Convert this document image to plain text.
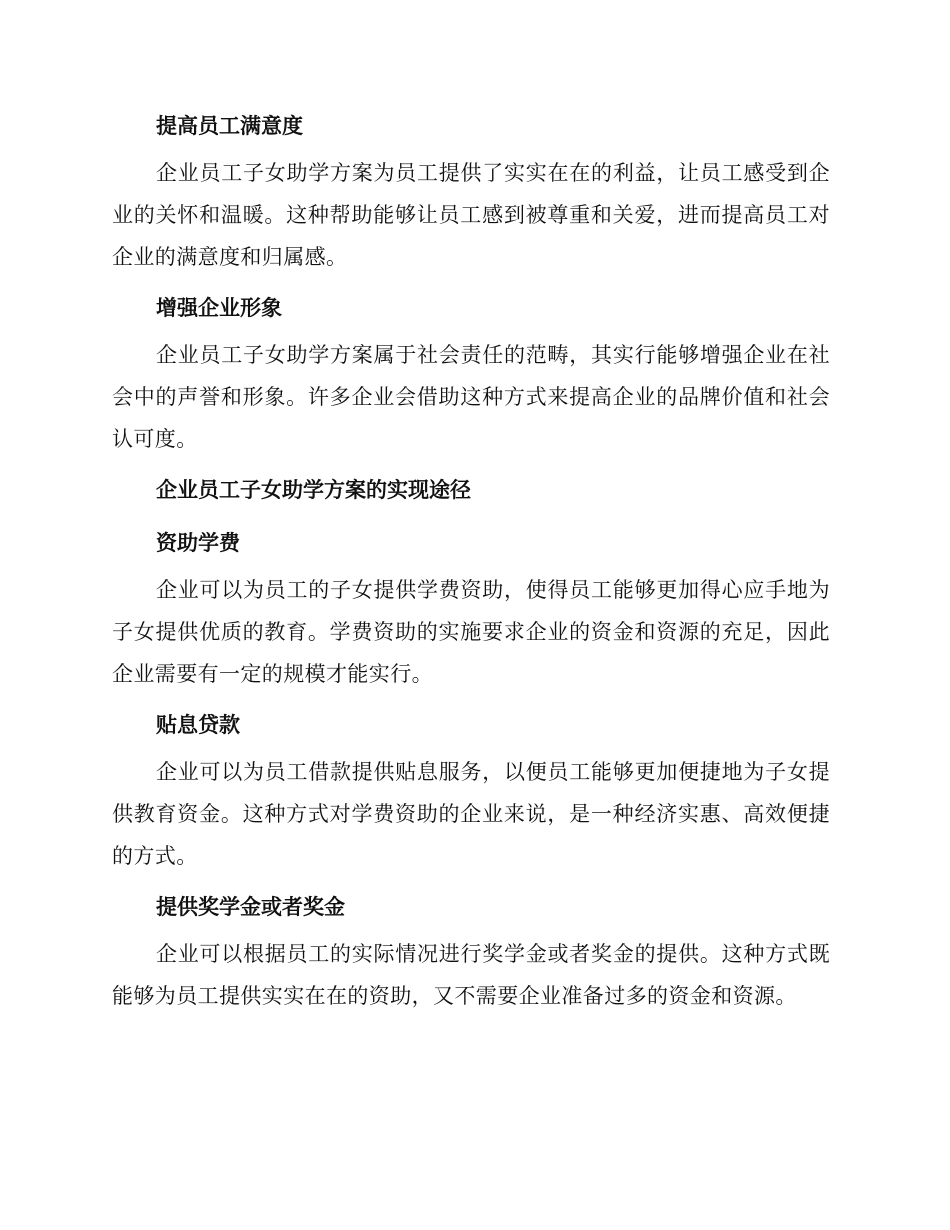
提高员工满意度

企业员工子女助学方案为员工提供了实实在在的利益，让员工感受到企业的关怀和温暖。这种帮助能够让员工感到被尊重和关爱，进而提高员工对企业的满意度和归属感。

增强企业形象

企业员工子女助学方案属于社会责任的范畴，其实行能够增强企业在社会中的声誉和形象。许多企业会借助这种方式来提高企业的品牌价值和社会认可度。

企业员工子女助学方案的实现途径
资助学费

企业可以为员工的子女提供学费资助，使得员工能够更加得心应手地为子女提供优质的教育。学费资助的实施要求企业的资金和资源的充足，因此企业需要有一定的规模才能实行。

贴息贷款

企业可以为员工借款提供贴息服务，以便员工能够更加便捷地为子女提供教育资金。这种方式对学费资助的企业来说，是一种经济实惠、高效便捷的方式。

提供奖学金或者奖金

企业可以根据员工的实际情况进行奖学金或者奖金的提供。这种方式既能够为员工提供实实在在的资助，又不需要企业准备过多的资金和资源。
